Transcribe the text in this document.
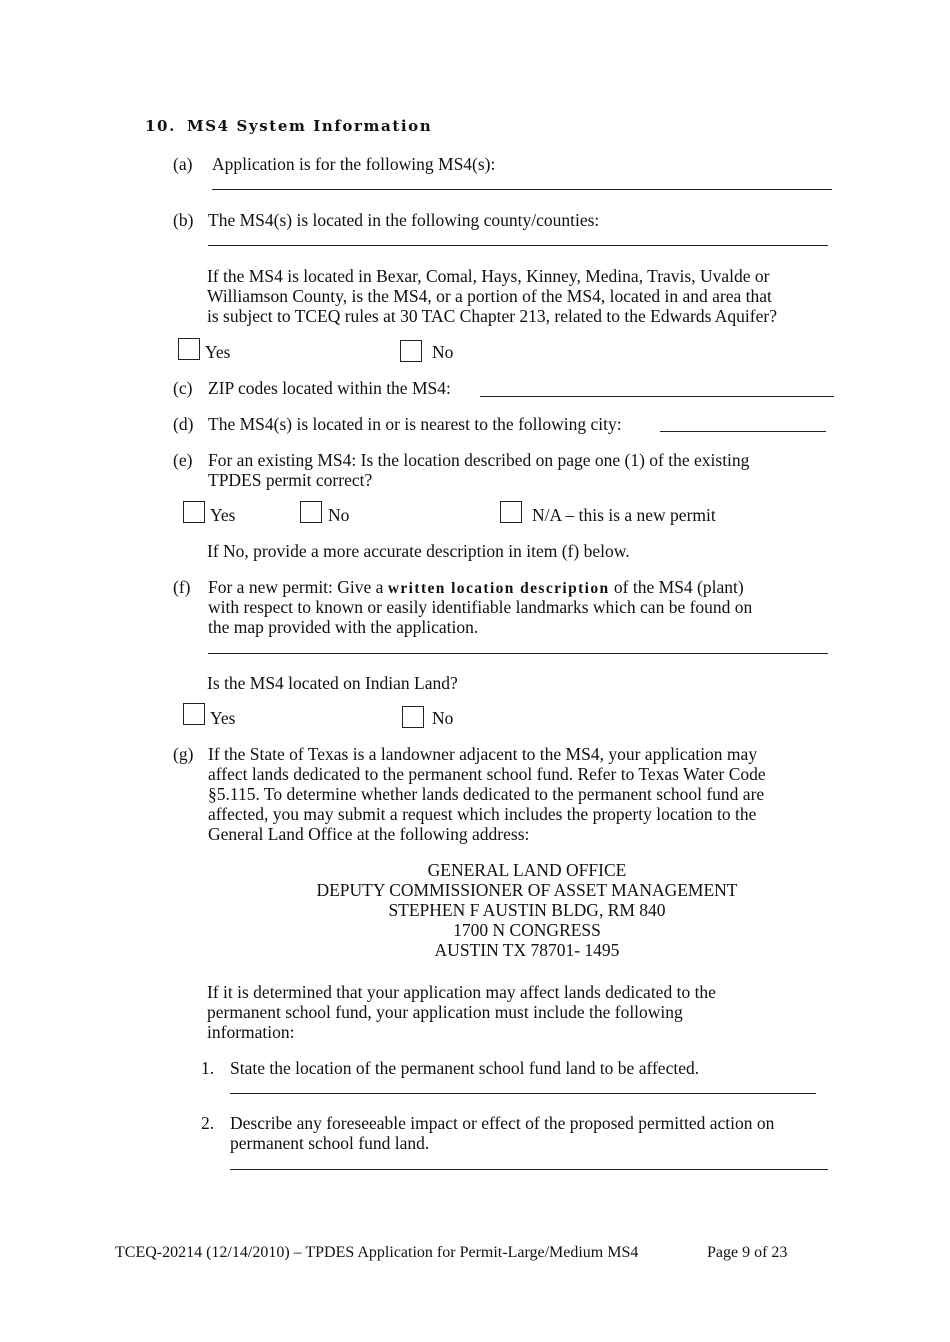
10. MS4 System Information
(a) Application is for the following MS4(s):
(b) The MS4(s) is located in the following county/counties:
If the MS4 is located in Bexar, Comal, Hays, Kinney, Medina, Travis, Uvalde or
Williamson County, is the MS4, or a portion of the MS4, located in and area that
is subject to TCEQ rules at 30 TAC Chapter 213, related to the Edwards Aquifer?
Yes	No
(c) ZIP codes located within the MS4:
(d) The MS4(s) is located in or is nearest to the following city:
(e) For an existing MS4: Is the location described on page one (1) of the existing
TPDES permit correct?
Yes	No	N/A – this is a new permit
If No, provide a more accurate description in item (f) below.
(f) For a new permit: Give a written location description of the MS4 (plant)
with respect to known or easily identifiable landmarks which can be found on
the map provided with the application.
Is the MS4 located on Indian Land?
Yes	No
(g) If the State of Texas is a landowner adjacent to the MS4, your application may
affect lands dedicated to the permanent school fund. Refer to Texas Water Code
§5.115. To determine whether lands dedicated to the permanent school fund are
affected, you may submit a request which includes the property location to the
General Land Office at the following address:
GENERAL LAND OFFICE
DEPUTY COMMISSIONER OF ASSET MANAGEMENT
STEPHEN F AUSTIN BLDG, RM 840
1700 N CONGRESS
AUSTIN TX 78701- 1495
If it is determined that your application may affect lands dedicated to the
permanent school fund, your application must include the following
information:
1. State the location of the permanent school fund land to be affected.
2. Describe any foreseeable impact or effect of the proposed permitted action on
permanent school fund land.
TCEQ-20214 (12/14/2010) – TPDES Application for Permit-Large/Medium MS4	Page 9 of 23
